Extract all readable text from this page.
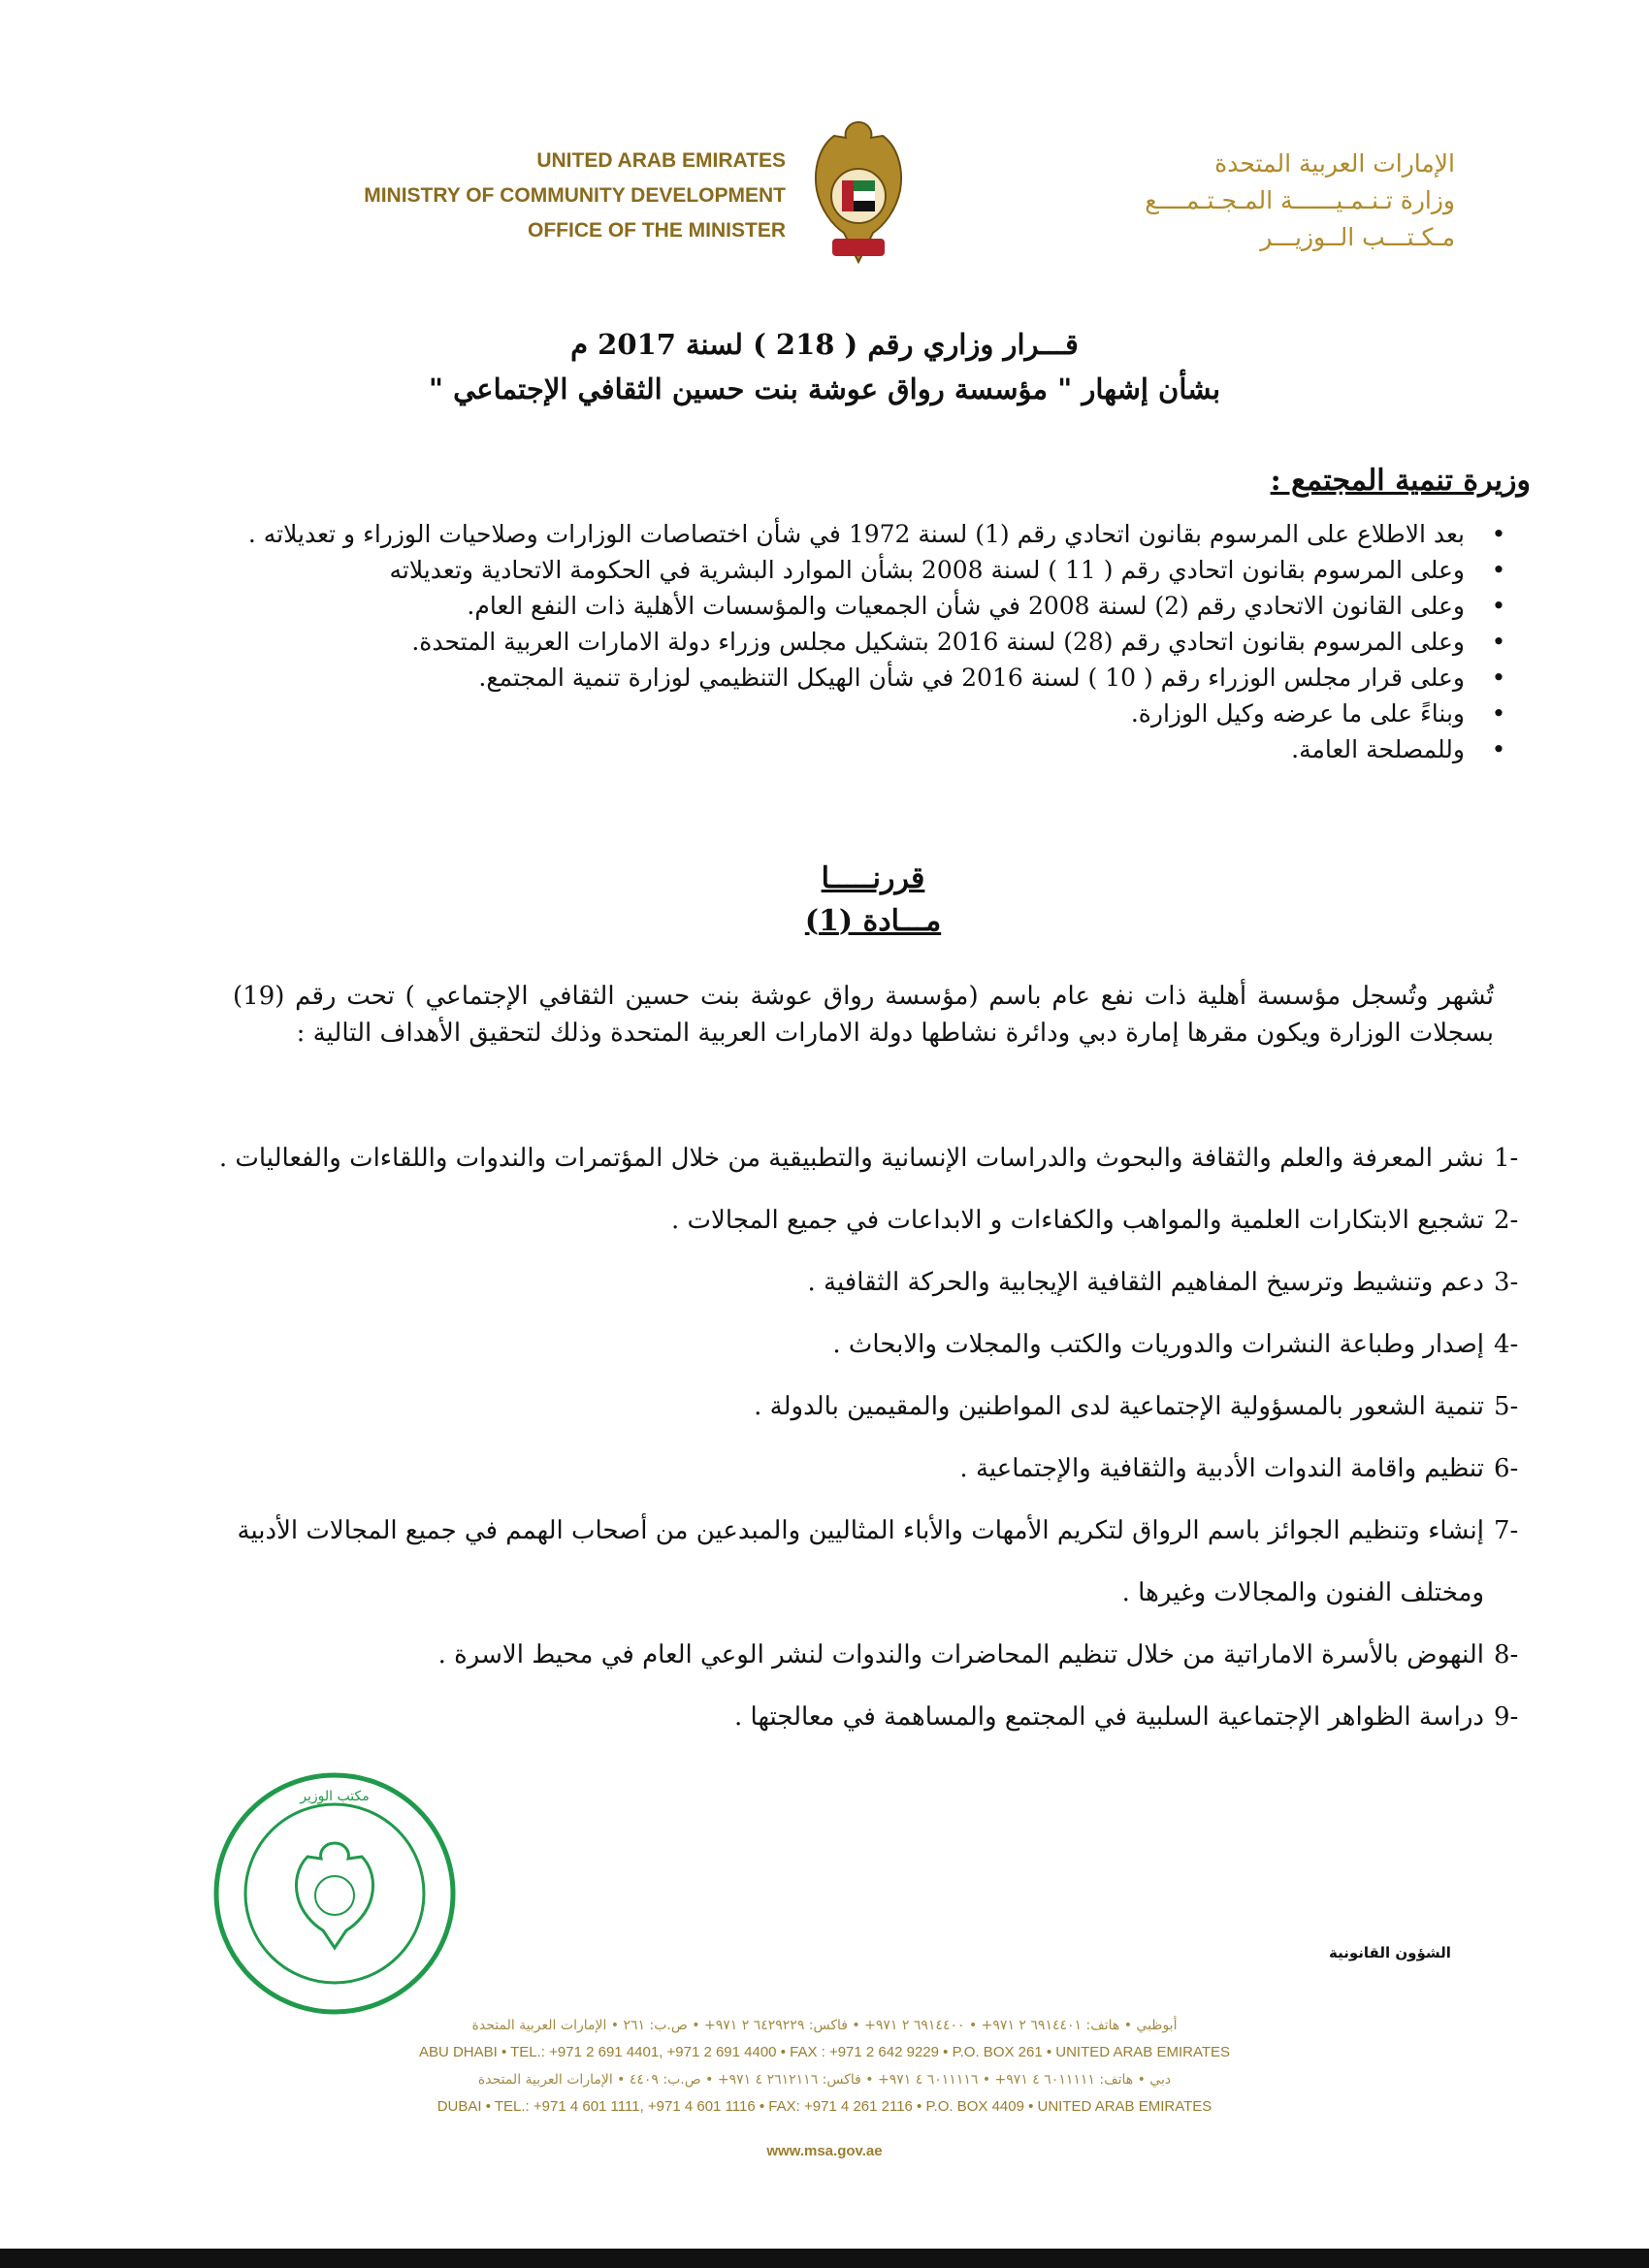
UNITED ARAB EMIRATES
MINISTRY OF COMMUNITY DEVELOPMENT
OFFICE OF THE MINISTER
الإمارات العربية المتحدة
وزارة تـنـمـيــــــة المـجـتـمــــع
مـكـتـــب الــوزيـــر
قـــرار وزاري رقم ( 218 ) لسنة 2017 م
بشأن إشهار " مؤسسة رواق عوشة بنت حسين الثقافي الإجتماعي "
وزيرة تنمية المجتمع :
•
بعد الاطلاع على المرسوم بقانون اتحادي رقم (1) لسنة 1972 في شأن اختصاصات الوزارات وصلاحيات الوزراء و تعديلاته .
•
وعلى المرسوم بقانون اتحادي رقم ( 11 ) لسنة 2008 بشأن الموارد البشرية في الحكومة الاتحادية وتعديلاته
•
وعلى القانون الاتحادي رقم (2) لسنة 2008 في شأن الجمعيات والمؤسسات الأهلية ذات النفع العام.
•
وعلى المرسوم بقانون اتحادي رقم (28) لسنة 2016 بتشكيل مجلس وزراء دولة الامارات العربية المتحدة.
•
وعلى قرار مجلس الوزراء رقم ( 10 ) لسنة 2016 في شأن الهيكل التنظيمي لوزارة تنمية المجتمع.
•
وبناءً على ما عرضه وكيل الوزارة.
•
وللمصلحة العامة.
قررنـــــا
مـــادة (1)
تُشهر وتُسجل مؤسسة أهلية ذات نفع عام باسم (مؤسسة رواق عوشة بنت حسين الثقافي الإجتماعي ) تحت رقم (19) بسجلات الوزارة ويكون مقرها إمارة دبي ودائرة نشاطها دولة الامارات العربية المتحدة وذلك لتحقيق الأهداف التالية :
-1
نشر المعرفة والعلم والثقافة والبحوث والدراسات الإنسانية والتطبيقية من خلال المؤتمرات والندوات واللقاءات والفعاليات .
-2
تشجيع الابتكارات العلمية والمواهب والكفاءات و الابداعات في جميع المجالات .
-3
دعم وتنشيط وترسيخ المفاهيم الثقافية الإيجابية والحركة الثقافية .
-4
إصدار وطباعة النشرات والدوريات والكتب والمجلات والابحاث .
-5
تنمية الشعور بالمسؤولية الإجتماعية لدى المواطنين والمقيمين بالدولة .
-6
تنظيم واقامة الندوات الأدبية والثقافية والإجتماعية .
-7
إنشاء وتنظيم الجوائز باسم الرواق لتكريم الأمهات والأباء المثاليين والمبدعين من أصحاب الهمم في جميع المجالات الأدبية ومختلف الفنون والمجالات وغيرها .
-8
النهوض بالأسرة الاماراتية من خلال تنظيم المحاضرات والندوات لنشر الوعي العام في محيط الاسرة .
-9
دراسة الظواهر الإجتماعية السلبية في المجتمع والمساهمة في معالجتها .
مكتب الوزير
الشؤون القانونية
أبوظبي • هاتف: ٦٩١٤٤٠١ ٢ ٩٧١+ • ٦٩١٤٤٠٠ ٢ ٩٧١+ • فاكس: ٦٤٢٩٢٢٩ ٢ ٩٧١+ • ص.ب: ٢٦١ • الإمارات العربية المتحدة
ABU DHABI • TEL.: +971 2 691 4401, +971 2 691 4400 • FAX : +971 2 642 9229 • P.O. BOX 261 • UNITED ARAB EMIRATES
دبي • هاتف: ٦٠١١١١١ ٤ ٩٧١+ • ٦٠١١١١٦ ٤ ٩٧١+ • فاكس: ٢٦١٢١١٦ ٤ ٩٧١+ • ص.ب: ٤٤٠٩ • الإمارات العربية المتحدة
DUBAI • TEL.: +971 4 601 1111, +971 4 601 1116 • FAX: +971 4 261 2116 • P.O. BOX 4409 • UNITED ARAB EMIRATES
www.msa.gov.ae
